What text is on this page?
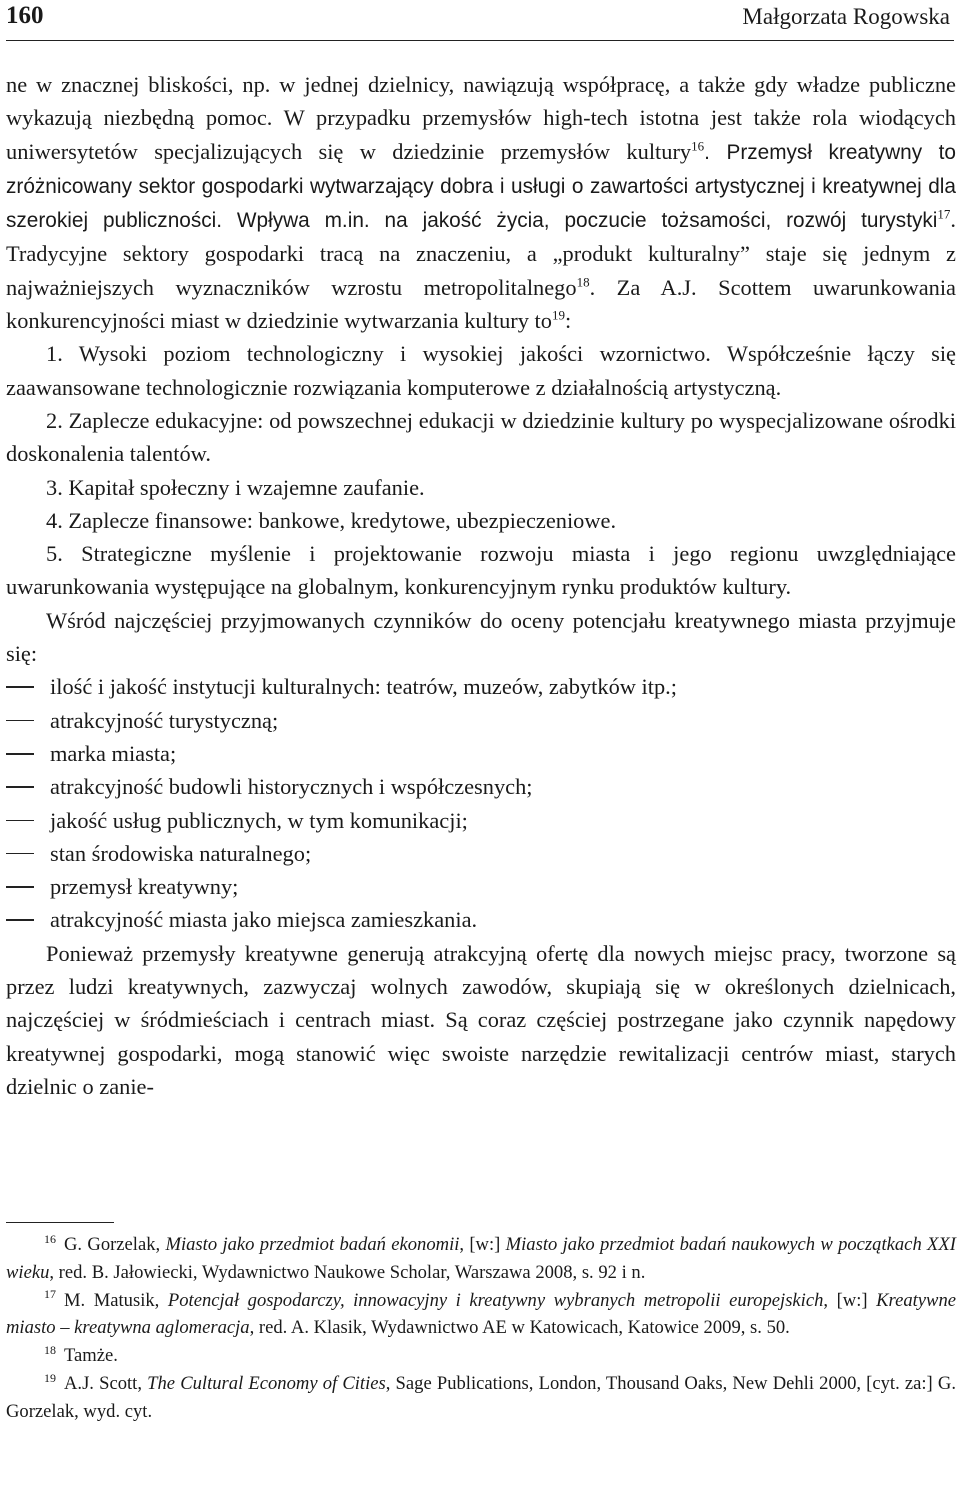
160	Małgorzata Rogowska

ne w znacznej bliskości, np. w jednej dzielnicy, nawiązują współpracę, a także gdy władze publiczne wykazują niezbędną pomoc. W przypadku przemysłów high-tech istotna jest także rola wiodących uniwersytetów specjalizujących się w dziedzinie przemysłów kultury$^{16}$. Przemysł kreatywny to zróżnicowany sektor gospodarki wytwarzający dobra i usługi o zawartości artystycznej i kreatywnej dla szerokiej publiczności. Wpływa m.in. na jakość życia, poczucie tożsamości, rozwój turystyki$^{17}$. Tradycyjne sektory gospodarki tracą na znaczeniu, a „produkt kulturalny” staje się jednym z najważniejszych wyznaczników wzrostu metropolitalnego$^{18}$. Za A.J. Scottem uwarunkowania konkurencyjności miast w dziedzinie wytwarzania kultury $to^{19}$:

1. Wysoki poziom technologiczny i wysokiej jakości wzornictwo. Współcześnie łączy się zaawansowane technologicznie rozwiązania komputerowe z działalnością artystyczną.

2. Zaplecze edukacyjne: od powszechnej edukacji w dziedzinie kultury po wyspecjalizowane ośrodki doskonalenia talentów.

3. Kapitał społeczny i wzajemne zaufanie.

4. Zaplecze finansowe: bankowe, kredytowe, ubezpieczeniowe.

5. Strategiczne myślenie i projektowanie rozwoju miasta i jego regionu uwzględniające uwarunkowania występujące na globalnym, konkurencyjnym rynku produktów kultury.

Wśród najczęściej przyjmowanych czynników do oceny potencjału kreatywnego miasta przyjmuje się:

ilość i jakość instytucji kulturalnych: teatrów, muzeów, zabytków itp.;

atrakcyjność turystyczną;

marka miasta;

atrakcyjność budowli historycznych i współczesnych;

jakość usług publicznych, w tym komunikacji;

stan środowiska naturalnego;

przemysł kreatywny;

atrakcyjność miasta jako miejsca zamieszkania.

Ponieważ przemysły kreatywne generują atrakcyjną ofertę dla nowych miejsc pracy, tworzone są przez ludzi kreatywnych, zazwyczaj wolnych zawodów, skupiają się w określonych dzielnicach, najczęściej w śródmieściach i centrach miast. Są coraz częściej postrzegane jako czynnik napędowy kreatywnej gospodarki, mogą stanowić więc swoiste narzędzie rewitalizacji centrów miast, starych dzielnic o zanie-

$^{16}$ G. Gorzelak, Miasto jako przedmiot badań ekonomii, [w:] Miasto jako przedmiot badań naukowych w początkach XXI wieku, red. B. Jałowiecki, Wydawnictwo Naukowe Scholar, Warszawa 2008, s. 92 i n.

$^{17}$ M. Matusik, Potencjał gospodarczy, innowacyjny i kreatywny wybranych metropolii europejskich, [w:] Kreatywne miasto – kreatywna aglomeracja, red. A. Klasik, Wydawnictwo AE w Katowicach, Katowice 2009, s. 50.

$^{18}$ Tamże.

$^{19}$ A.J. Scott, The Cultural Economy of Cities, Sage Publications, London, Thousand Oaks, New Dehli 2000, [cyt. za:] G. Gorzelak, wyd. cyt.
